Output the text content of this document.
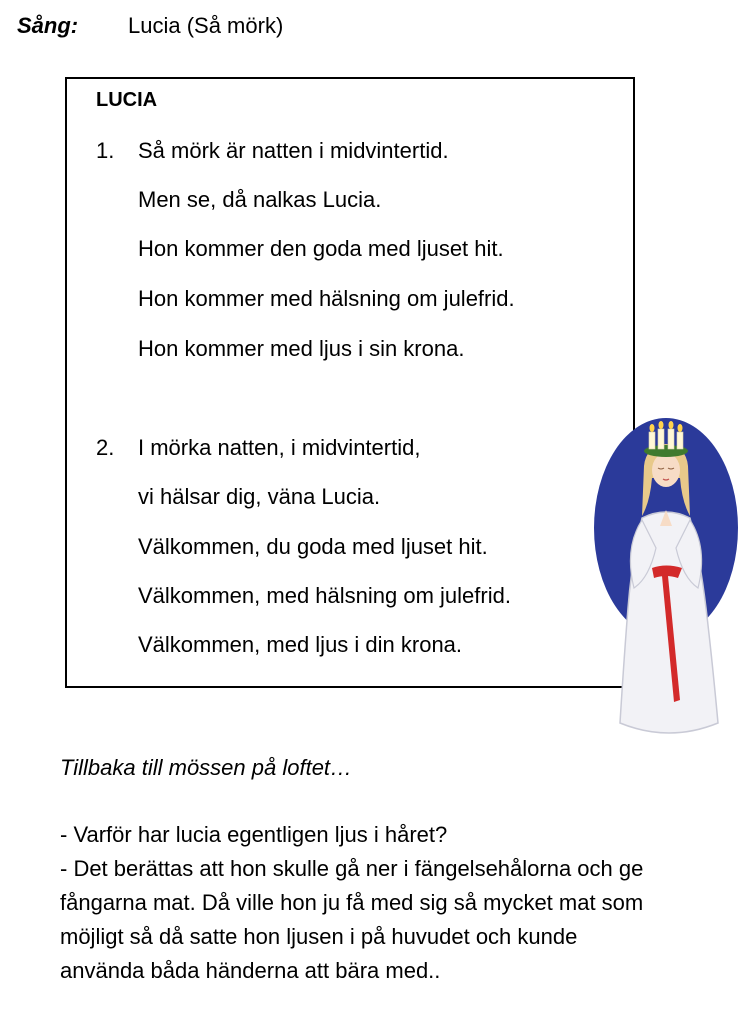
Sång: Lucia (Så mörk)
LUCIA
1. Så mörk är natten i midvintertid.
Men se, då nalkas Lucia.
Hon kommer den goda med ljuset hit.
Hon kommer med hälsning om julefrid.
Hon kommer med ljus i sin krona.
2. I mörka natten, i midvintertid,
vi hälsar dig, väna Lucia.
Välkommen, du goda med ljuset hit.
Välkommen, med hälsning om julefrid.
Välkommen, med ljus i din krona.
Tillbaka till mössen på loftet…

- Varför har lucia egentligen ljus i håret?

- Det berättas att hon skulle gå ner i fängelsehålorna och ge

fångarna mat. Då ville hon ju få med sig så mycket mat som

möjligt så då satte hon ljusen i på huvudet och kunde

använda båda händerna att bära med..
